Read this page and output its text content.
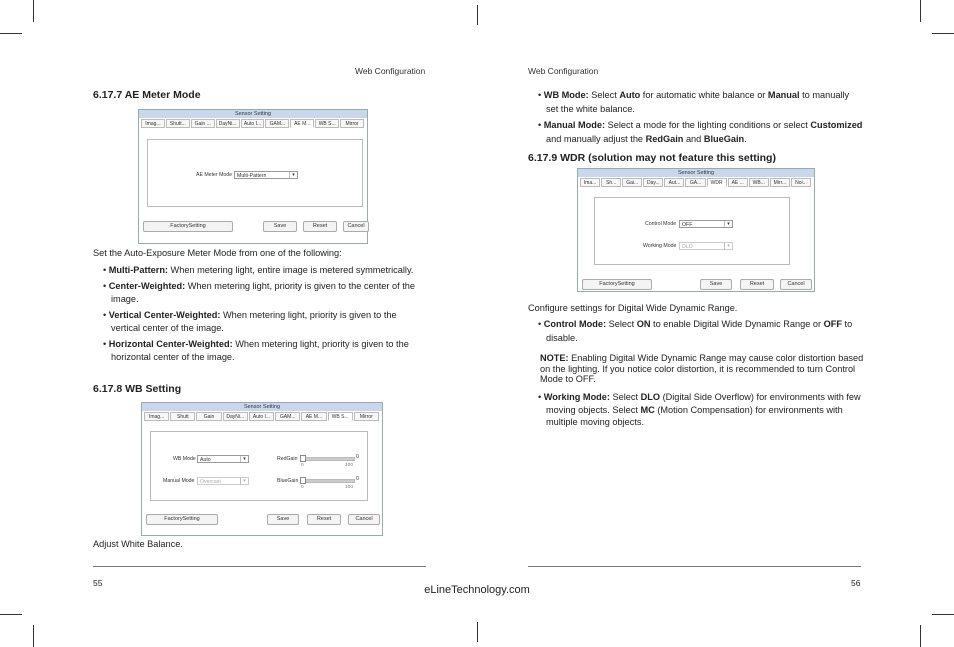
Web Configuration
6.17.7 AE Meter Mode
Sensor Setting
Imag...	Shutt...	Gain ...	DayNi...	Auto I...	GAM...	AE M...	WB S...	Mirror
AE Meter Mode Multi-Pattern	▾
FactorySetting	Save	Reset	Cancel
Set the Auto-Exposure Meter Mode from one of the following:
• Multi-Pattern: When metering light, entire image is metered symmetrically.
• Center-Weighted: When metering light, priority is given to the center of the image.
• Vertical Center-Weighted: When metering light, priority is given to the vertical center of the image.
• Horizontal Center-Weighted: When metering light, priority is given to the horizontal center of the image.
6.17.8 WB Setting
Sensor Setting
Imag...	Shutt	Gain	DayNi...	Auto I...	GAM...	AE M...	WB S...	Mirror
WB Mode Auto	▾
Manual Mode	Overcast	▾
RedGain	0
0	100
BlueGain	0
0	100
FactorySetting	Save	Reset	Cancel
Adjust White Balance.
55
Web Configuration
• WB Mode: Select Auto for automatic white balance or Manual to manually set the white balance.
• Manual Mode: Select a mode for the lighting conditions or select Customized and manually adjust the RedGain and BlueGain.
6.17.9 WDR (solution may not feature this setting)
Sensor Setting
Ima...	Sh...	Gai...	Day...	Aut...	GA...	WDR	AE ...	WB...	Mirr...	Noi...
Control Mode	OFF	▾
Working Mode	DLO	▾
FactorySetting	Save	Reset	Cancel
Configure settings for Digital Wide Dynamic Range.
• Control Mode: Select ON to enable Digital Wide Dynamic Range or OFF to disable.
NOTE: Enabling Digital Wide Dynamic Range may cause color distortion based on the lighting. If you notice color distortion, it is recommended to turn Control Mode to OFF.
• Working Mode: Select DLO (Digital Side Overflow) for environments with few moving objects. Select MC (Motion Compensation) for environments with multiple moving objects.
56
eLineTechnology.com
